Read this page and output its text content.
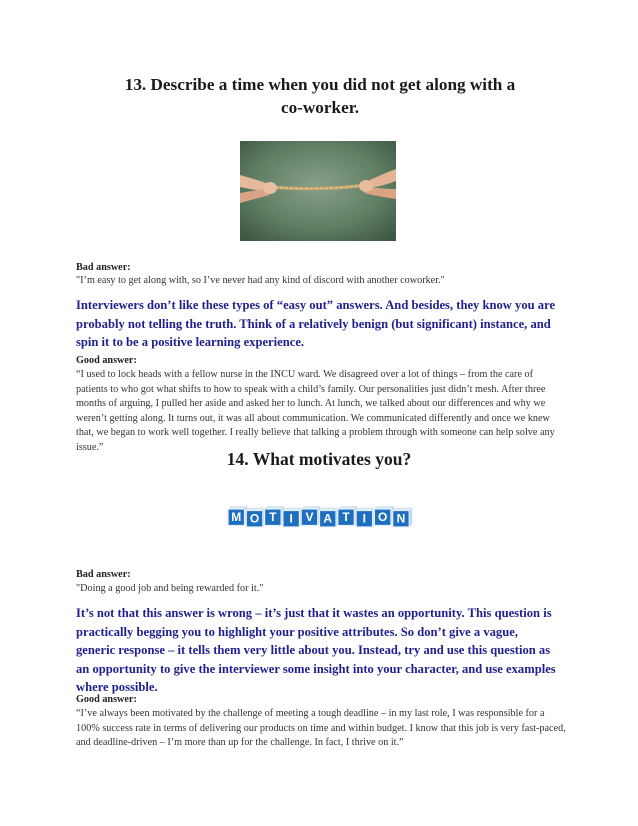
13. Describe a time when you did not get along with a
co-worker.

Bad answer:

"I’m easy to get along with, so I’ve never had any kind of discord with another coworker."

Interviewers don’t like these types of “easy out” answers. And besides, they know you are probably not telling the truth. Think of a relatively benign (but significant) instance, and spin it to be a positive learning experience.

Good answer:

“I used to lock heads with a fellow nurse in the INCU ward. We disagreed over a lot of things – from the care of patients to who got what shifts to how to speak with a child’s family. Our personalities just didn’t mesh. After three months of arguing, I pulled her aside and asked her to lunch. At lunch, we talked about our differences and why we weren’t getting along. It turns out, it was all about communication. We communicated differently and once we knew that, we began to work well together. I really believe that talking a problem through with someone can help solve any issue.”

14. What motivates you?
M O T I V A T I O N

Bad answer:

"Doing a good job and being rewarded for it."

It’s not that this answer is wrong – it’s just that it wastes an opportunity. This question is practically begging you to highlight your positive attributes. So don’t give a vague, generic response – it tells them very little about you. Instead, try and use this question as an opportunity to give the interviewer some insight into your character, and use examples where possible.

Good answer:

“I’ve always been motivated by the challenge of meeting a tough deadline – in my last role, I was responsible for a 100% success rate in terms of delivering our products on time and within budget. I know that this job is very fast-paced, and deadline-driven – I’m more than up for the challenge. In fact, I thrive on it.”
